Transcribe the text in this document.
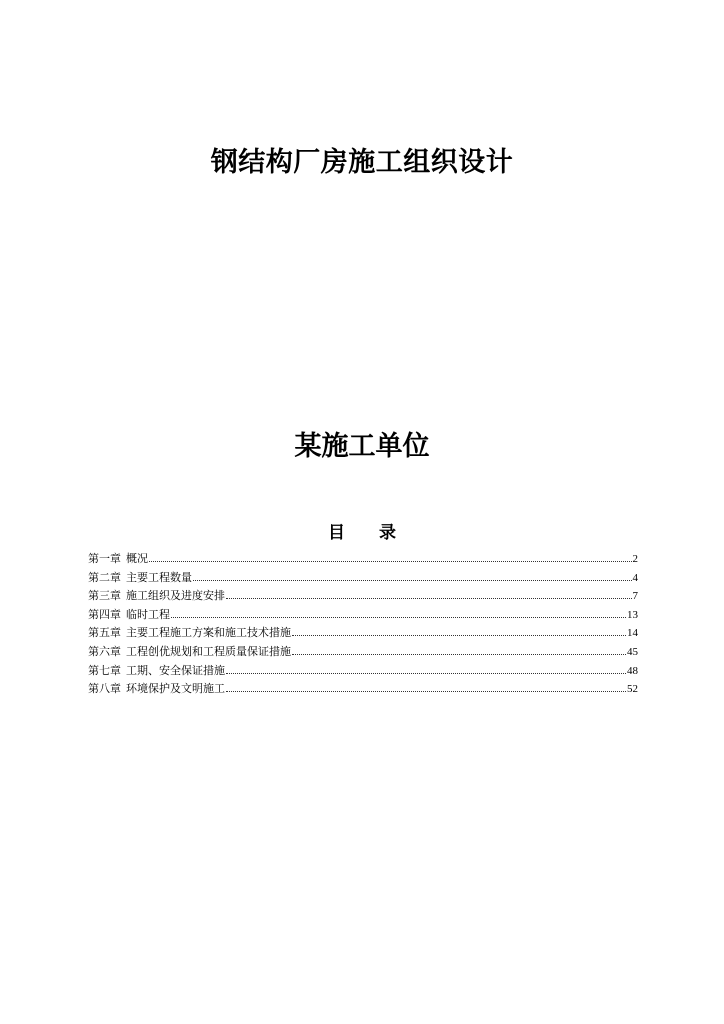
钢结构厂房施工组织设计
某施工单位
目 录
第一章 概况	2
第二章 主要工程数量	4
第三章 施工组织及进度安排	7
第四章 临时工程	13
第五章 主要工程施工方案和施工技术措施	14
第六章 工程创优规划和工程质量保证措施	45
第七章 工期、安全保证措施	48
第八章 环境保护及文明施工	52
